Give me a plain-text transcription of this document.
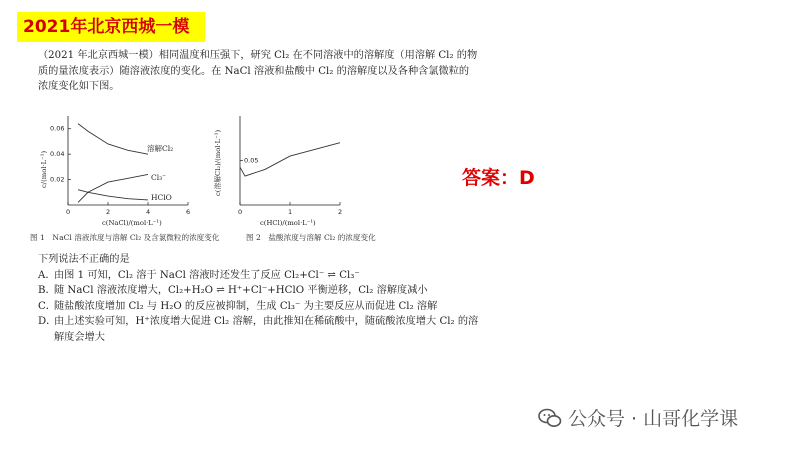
2021年北京西城一模
（2021 年北京西城一模）相同温度和压强下，研究 Cl₂ 在不同溶液中的溶解度（用溶解 Cl₂ 的物质的量浓度表示）随溶液浓度的变化。在 NaCl 溶液和盐酸中 Cl₂ 的溶解度以及各种含氯微粒的浓度变化如下图。
c/(mol·L⁻¹)
c(NaCl)/(mol·L⁻¹)
0.06
0.04
0.02
0	2	4	6
溶解Cl₂
Cl₃⁻
HClO
图 1　NaCl 溶液浓度与溶解 Cl₂ 及含氯微粒的浓度变化
c(溶解Cl₂)/(mol·L⁻¹)
c(HCl)/(mol·L⁻¹)
0.05
0	1	2
图 2　盐酸浓度与溶解 Cl₂ 的浓度变化
答案：D
下列说法不正确的是
A．
由图 1 可知，Cl₂ 溶于 NaCl 溶液时还发生了反应 Cl₂+Cl⁻ ⇌ Cl₃⁻
B．
随 NaCl 溶液浓度增大，Cl₂+H₂O ⇌ H⁺+Cl⁻+HClO 平衡逆移，Cl₂ 溶解度减小
C．
随盐酸浓度增加 Cl₂ 与 H₂O 的反应被抑制，生成 Cl₃⁻ 为主要反应从而促进 Cl₂ 溶解
D．
由上述实验可知，H⁺浓度增大促进 Cl₂ 溶解，由此推知在稀硫酸中，随硫酸浓度增大 Cl₂ 的溶解度会增大
公众号 · 山哥化学课
